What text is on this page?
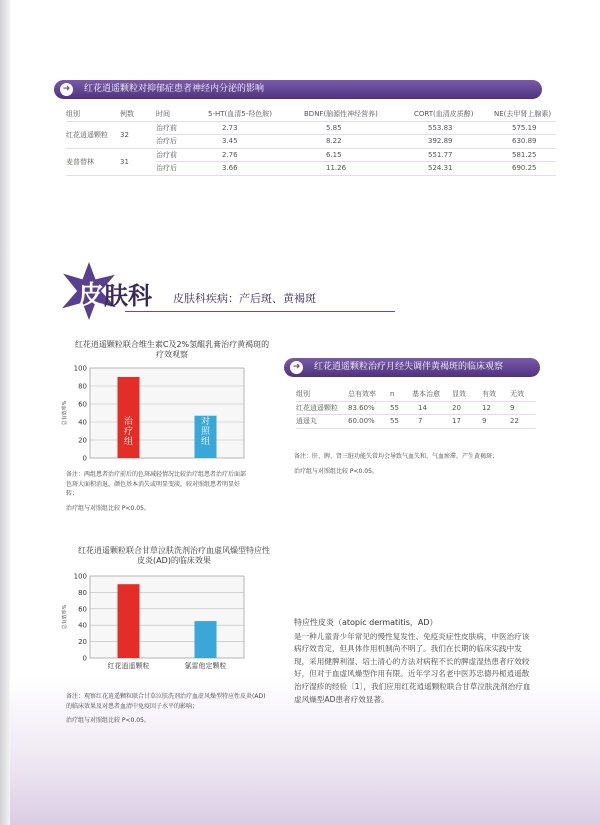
➜	红花逍遥颗粒对抑郁症患者神经内分泌的影响
组别	例数	时间	5-HT(血清5-羟色胺)	BDNF(脑源性神经营养)	CORT(血清皮质醇)	NE(去甲肾上腺素)
红花逍遥颗粒	32	治疗前	2.73	5.85	553.83	575.19
		治疗后	3.45	8.22	392.89	630.89
麦普替林	31	治疗前	2.76	6.15	551.77	581.25
		治疗后	3.66	11.26	524.31	690.25
皮肤科 皮肤科疾病：产后斑、黄褐斑
红花逍遥颗粒联合维生素C及2%氢醌乳膏治疗黄褐斑的疗效观察
0
20
40
60
80
100
总有效率%	治疗组
对照组

备注：两组患者治疗前后的色斑减轻情况比较治疗组患者治疗后面部色斑大面积消退，颜色基本消失或明显变淡，较对照组患者明显好转；

治疗组与对照组比较 P<0.05。

➜	红花逍遥颗粒治疗月经失调伴黄褐斑的临床观察
组别	总有效率	n	基本治愈	显效	有效	无效
红花逍遥颗粒	83.60%	55	14	20	12	9
逍遥丸	60.00%	55	7	17	9	22

备注：肝、脾、肾三脏功能失常均会导致气血失和、气血瘀滞，产生黄褐斑；

治疗组与对照组比较 P<0.05。

红花逍遥颗粒联合甘草泣肤洗剂治疗血虚风燥型特应性皮炎(AD)的临床效果
0
20
40
60
80
100
总有效率%
红花逍遥颗粒	氯雷他定颗粒

备注：观察红花逍遥颗粒联合甘草泣肤洗剂治疗血虚风燥型特应性皮炎(AD)的临床效果及对患者血清中免疫因子水平的影响；

治疗组与对照组比较 P<0.05。

特应性皮炎（atopic dermatitis，AD）
是一种儿童青少年常见的慢性复发性、免疫炎症性皮肤病，中医治疗该病疗效肯定，但具体作用机制尚不明了。我们在长期的临床实践中发现，采用健脾利湿、培土清心的方法对病程不长的脾虚湿热患者疗效较好，但对于血虚风燥型作用有限。近年学习名老中医苏忠德丹栀逍遥散治疗湿疹的经验〔1〕，我们应用红花逍遥颗粒联合甘草泣肤洗剂治疗血虚风燥型AD患者疗效显著。
